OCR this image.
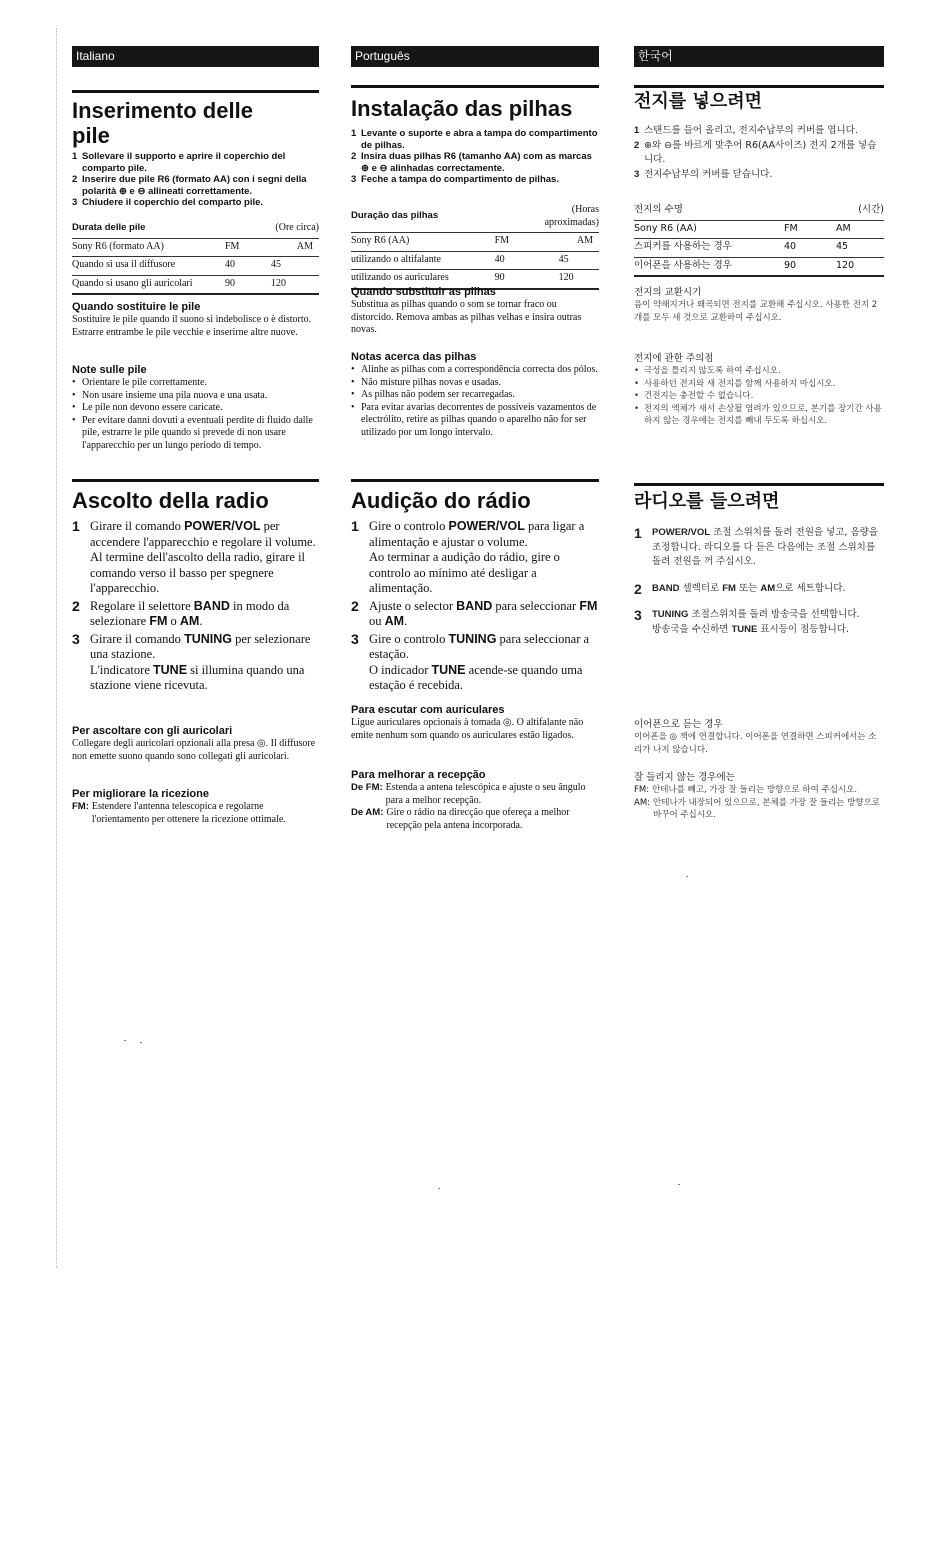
Italiano	Português	한국어
Inserimento delle pile
1 Sollevare il supporto e aprire il coperchio del comparto pile.
2 Inserire due pile R6 (formato AA) con i segni della polarità ⊕ e ⊖ allineati correttamente.
3 Chiudere il coperchio del comparto pile.
Durata delle pile		(Ore circa)
Sony R6 (formato AA)	FM	AM
Quando si usa il diffusore	40	45
Quando si usano gli auricolari	90	120
Quando sostituire le pile
Sostituire le pile quando il suono si indebolisce o è distorto. Estrarre entrambe le pile vecchie e inserirne altre nuove.
Note sulle pile
• Orientare le pile correttamente.
• Non usare insieme una pila nuova e una usata.
• Le pile non devono essere caricate.
• Per evitare danni dovuti a eventuali perdite di fluido dalle pile, estrarre le pile quando si prevede di non usare l'apparecchio per un lungo periodo di tempo.
Ascolto della radio
1 Girare il comando POWER/VOL per accendere l'apparecchio e regolare il volume.
Al termine dell'ascolto della radio, girare il comando verso il basso per spegnere l'apparecchio.
2 Regolare il selettore BAND in modo da selezionare FM o AM.
3 Girare il comando TUNING per selezionare una stazione.
L'indicatore TUNE si illumina quando una stazione viene ricevuta.
Per ascoltare con gli auricolari
Collegare degli auricolari opzionali alla presa ◎. Il diffusore non emette suono quando sono collegati gli auricolari.
Per migliorare la ricezione
FM: Estendere l'antenna telescopica e regolarne l'orientamento per ottenere la ricezione ottimale.
Instalação das pilhas
1 Levante o suporte e abra a tampa do compartimento de pilhas.
2 Insira duas pilhas R6 (tamanho AA) com as marcas ⊕ e ⊖ alinhadas correctamente.
3 Feche a tampa do compartimento de pilhas.
Duração das pilhas		(Horas aproximadas)
Sony R6 (AA)	FM	AM
utilizando o altifalante	40	45
utilizando os auriculares	90	120
Quando substituir as pilhas
Substitua as pilhas quando o som se tornar fraco ou distorcido. Remova ambas as pilhas velhas e insira outras novas.
Notas acerca das pilhas
• Alinhe as pilhas com a correspondência correcta dos pólos.
• Não misture pilhas novas e usadas.
• As pilhas não podem ser recarregadas.
• Para evitar avarias decorrentes de possíveis vazamentos de electrólito, retire as pilhas quando o aparelho não for ser utilizado por um longo intervalo.
Audição do rádio
1 Gire o controlo POWER/VOL para ligar a alimentação e ajustar o volume.
Ao terminar a audição do rádio, gire o controlo ao mínimo até desligar a alimentação.
2 Ajuste o selector BAND para seleccionar FM ou AM.
3 Gire o controlo TUNING para seleccionar a estação.
O indicador TUNE acende-se quando uma estação é recebida.
Para escutar com auriculares
Ligue auriculares opcionais à tomada ◎. O altifalante não emite nenhum som quando os auriculares estão ligados.
Para melhorar a recepção
De FM: Estenda a antena telescópica e ajuste o seu ângulo para a melhor recepção.
De AM: Gire o rádio na direcção que ofereça a melhor recepção pela antena incorporada.
전지를 넣으려면
1 스탠드를 들어 올리고, 전지수납부의 커버를 엽니다.
2 ⊕와 ⊖를 바르게 맞추어 R6(AA사이즈) 전지 2개를 넣습니다.
3 전지수납부의 커버를 닫습니다.
전지의 수명		(시간)
Sony R6 (AA)	FM	AM
스피커를 사용하는 경우	40	45
이어폰을 사용하는 경우	90	120
전지의 교환시기
음이 약해지거나 왜곡되면 전지를 교환해 주십시오. 사용한 전지 2개를 모두 새 것으로 교환하여 주십시오.
전지에 관한 주의점
• 극성을 틀리지 않도록 하여 주십시오.
• 사용하던 전지와 새 전지를 함께 사용하지 마십시오.
• 건전지는 충전할 수 없습니다.
• 전지의 액체가 새서 손상될 염려가 있으므로, 본기를 장기간 사용하지 않는 경우에는 전지를 빼내 두도록 하십시오.
라디오를 들으려면
1	POWER/VOL 조절 스위치를 돌려 전원을 넣고, 음량을 조정합니다. 라디오를 다 듣은 다음에는 조절 스위치를 돌려 전원을 꺼 주십시오.
2	BAND 셀렉터로 FM 또는 AM으로 세트합니다.
3	TUNING 조절스위치를 돌려 방송국을 선택합니다.
방송국을 수신하면 TUNE 표시등이 점등합니다.
이어폰으로 듣는 경우
이어폰을 ◎ 잭에 연결합니다. 이어폰을 연결하면 스피커에서는 소리가 나지 않습니다.
잘 들리지 않는 경우에는
FM: 안테나를 빼고, 가장 잘 들리는 방향으로 하여 주십시오.
AM: 안테나가 내장되어 있으므로, 본체를 가장 잘 들리는 방향으로 바꾸어 주십시오.
